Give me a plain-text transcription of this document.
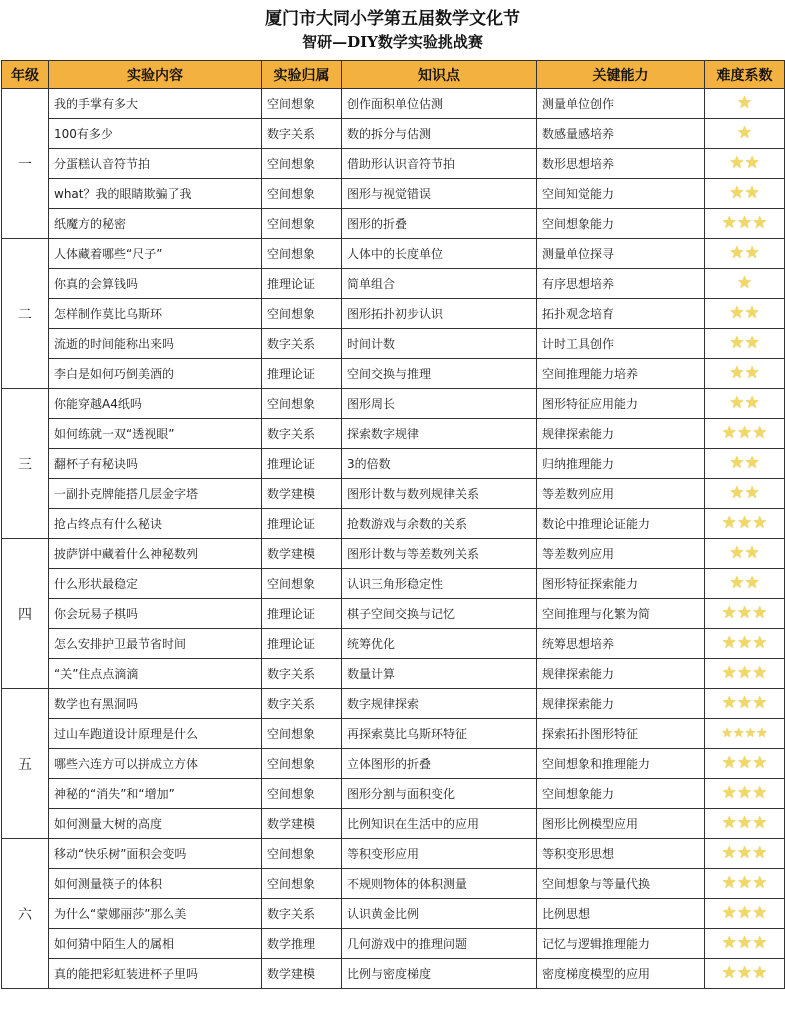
厦门市大同小学第五届数学文化节
智研—DIY数学实验挑战赛
年级	实验内容	实验归属	知识点	关键能力	难度系数
一	我的手掌有多大	空间想象	创作面积单位估测	测量单位创作	★
	100有多少	数字关系	数的拆分与估测	数感量感培养	★
	分蛋糕认音符节拍	空间想象	借助形认识音符节拍	数形思想培养	★★
	what？我的眼睛欺骗了我	空间想象	图形与视觉错误	空间知觉能力	★★
	纸魔方的秘密	空间想象	图形的折叠	空间想象能力	★★★
二	人体藏着哪些“尺子”	空间想象	人体中的长度单位	测量单位探寻	★★
	你真的会算钱吗	推理论证	简单组合	有序思想培养	★
	怎样制作莫比乌斯环	空间想象	图形拓扑初步认识	拓扑观念培育	★★
	流逝的时间能称出来吗	数字关系	时间计数	计时工具创作	★★
	李白是如何巧倒美酒的	推理论证	空间交换与推理	空间推理能力培养	★★
三	你能穿越A4纸吗	空间想象	图形周长	图形特征应用能力	★★
	如何练就一双“透视眼”	数字关系	探索数字规律	规律探索能力	★★★
	翻杯子有秘诀吗	推理论证	3的倍数	归纳推理能力	★★
	一副扑克牌能搭几层金字塔	数学建模	图形计数与数列规律关系	等差数列应用	★★
	抢占终点有什么秘诀	推理论证	抢数游戏与余数的关系	数论中推理论证能力	★★★
四	披萨饼中藏着什么神秘数列	数学建模	图形计数与等差数列关系	等差数列应用	★★
	什么形状最稳定	空间想象	认识三角形稳定性	图形特征探索能力	★★
	你会玩易子棋吗	推理论证	棋子空间交换与记忆	空间推理与化繁为简	★★★
	怎么安排护卫最节省时间	推理论证	统筹优化	统筹思想培养	★★★
	“关”住点点滴滴	数字关系	数量计算	规律探索能力	★★★
五	数学也有黑洞吗	数字关系	数字规律探索	规律探索能力	★★★
	过山车跑道设计原理是什么	空间想象	再探索莫比乌斯环特征	探索拓扑图形特征	★★★★
	哪些六连方可以拼成立方体	空间想象	立体图形的折叠	空间想象和推理能力	★★★
	神秘的“消失”和“增加”	空间想象	图形分割与面积变化	空间想象能力	★★★
	如何测量大树的高度	数学建模	比例知识在生活中的应用	图形比例模型应用	★★★
六	移动“快乐树”面积会变吗	空间想象	等积变形应用	等积变形思想	★★★
	如何测量筷子的体积	空间想象	不规则物体的体积测量	空间想象与等量代换	★★★
	为什么“蒙娜丽莎”那么美	数字关系	认识黄金比例	比例思想	★★★
	如何猜中陌生人的属相	数学推理	几何游戏中的推理问题	记忆与逻辑推理能力	★★★
	真的能把彩虹装进杯子里吗	数学建模	比例与密度梯度	密度梯度模型的应用	★★★
